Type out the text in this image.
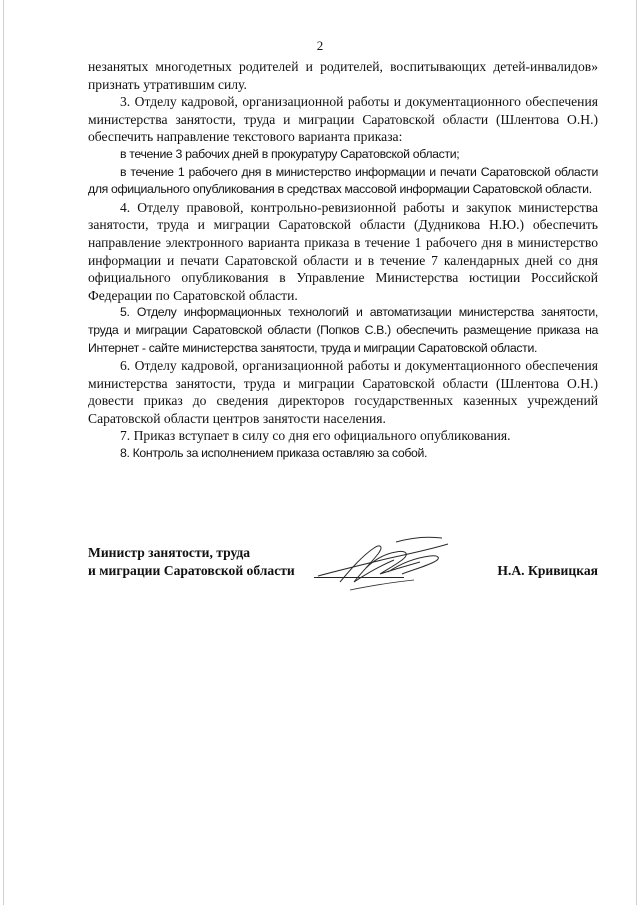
2

незанятых многодетных родителей и родителей, воспитывающих детей-инвалидов» признать утратившим силу.

3. Отделу кадровой, организационной работы и документационного обеспечения министерства занятости, труда и миграции Саратовской области (Шлентова О.Н.) обеспечить направление текстового варианта приказа:

в течение 3 рабочих дней в прокуратуру Саратовской области;

в течение 1 рабочего дня в министерство информации и печати Саратовской области для официального опубликования в средствах массовой информации Саратовской области.

4. Отделу правовой, контрольно-ревизионной работы и закупок министерства занятости, труда и миграции Саратовской области (Дудникова Н.Ю.) обеспечить направление электронного варианта приказа в течение 1 рабочего дня в министерство информации и печати Саратовской области и в течение 7 календарных дней со дня официального опубликования в Управление Министерства юстиции Российской Федерации по Саратовской области.

5. Отделу информационных технологий и автоматизации министерства занятости, труда и миграции Саратовской области (Попков С.В.) обеспечить размещение приказа на Интернет - сайте министерства занятости, труда и миграции Саратовской области.

6. Отделу кадровой, организационной работы и документационного обеспечения министерства занятости, труда и миграции Саратовской области (Шлентова О.Н.) довести приказ до сведения директоров государственных казенных учреждений Саратовской области центров занятости населения.

7. Приказ вступает в силу со дня его официального опубликования.

8. Контроль за исполнением приказа оставляю за собой.

Министр занятости, труда
и миграции Саратовской области	Н.А. Кривицкая
